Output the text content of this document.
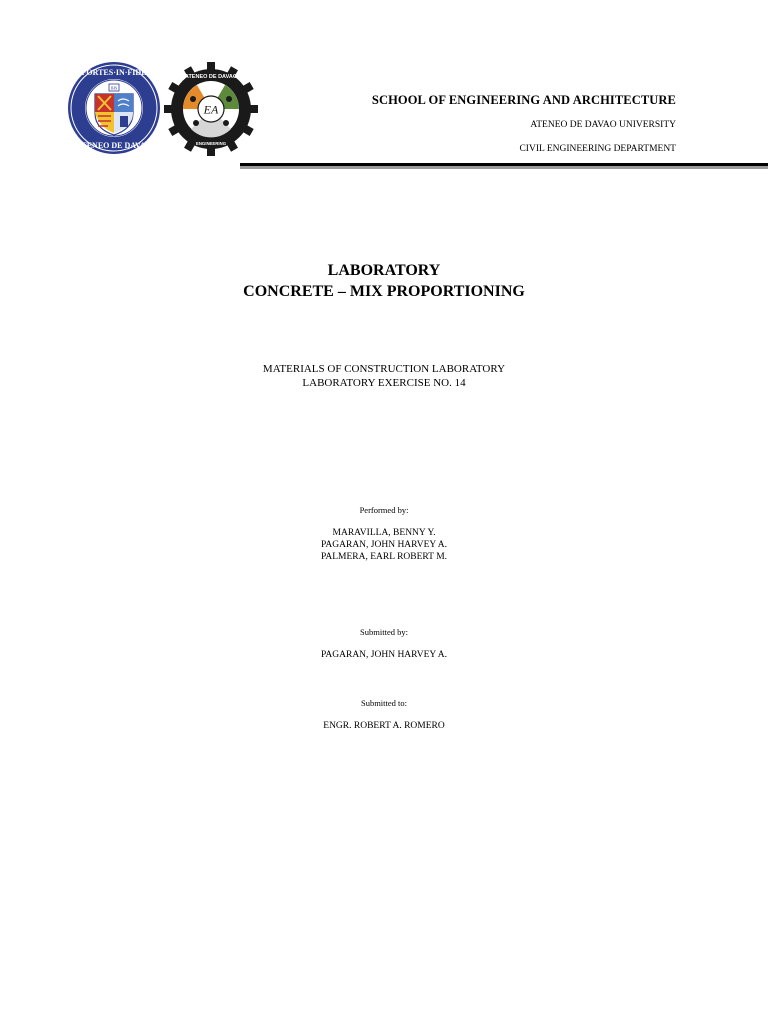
IHS
·FORTES·IN·FIDE·
ATENEO DE DAVAO
EA
ATENEO DE DAVAO
ENGINEERING
SCHOOL OF ENGINEERING AND ARCHITECTURE
ATENEO DE DAVAO UNIVERSITY
CIVIL ENGINEERING DEPARTMENT
LABORATORY
CONCRETE – MIX PROPORTIONING
MATERIALS OF CONSTRUCTION LABORATORY
LABORATORY EXERCISE NO. 14
Performed by:
MARAVILLA, BENNY Y.
PAGARAN, JOHN HARVEY A.
PALMERA, EARL ROBERT M.
Submitted by:
PAGARAN, JOHN HARVEY A.
Submitted to:
ENGR. ROBERT A. ROMERO
